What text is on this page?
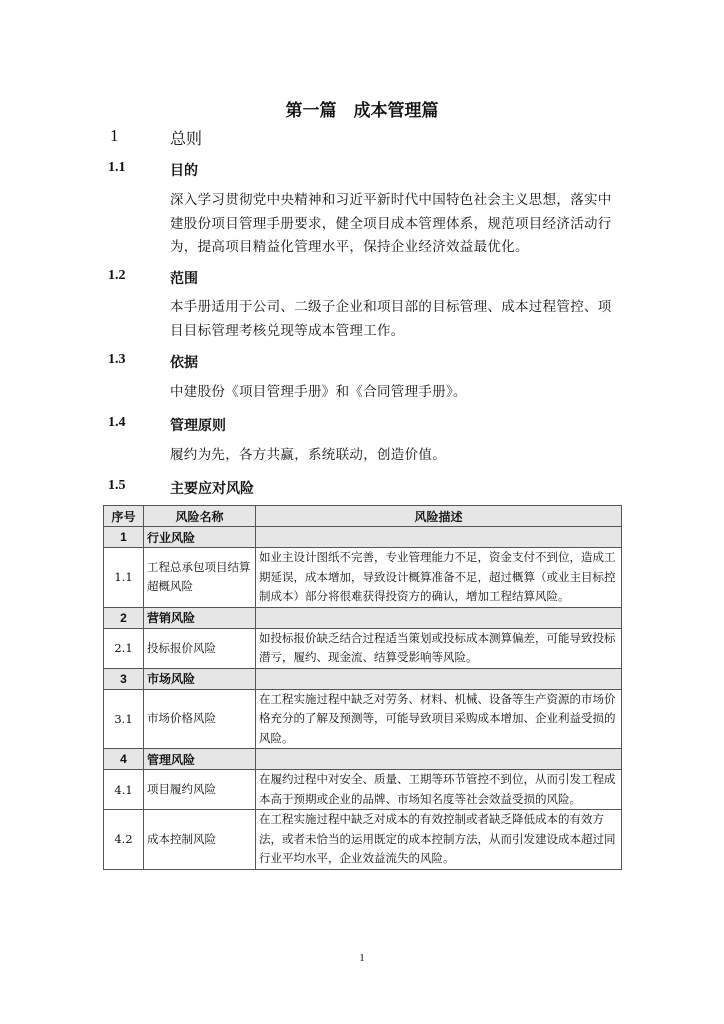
第一篇　成本管理篇
1	总则
1.1	目的
深入学习贯彻党中央精神和习近平新时代中国特色社会主义思想，落实中建股份项目管理手册要求，健全项目成本管理体系，规范项目经济活动行为，提高项目精益化管理水平，保持企业经济效益最优化。
1.2	范围
本手册适用于公司、二级子企业和项目部的目标管理、成本过程管控、项目目标管理考核兑现等成本管理工作。
1.3	依据
中建股份《项目管理手册》和《合同管理手册》。
1.4	管理原则
履约为先，各方共赢，系统联动，创造价值。
1.5	主要应对风险
序号	风险名称	风险描述
1	行业风险	
1.1	工程总承包项目结算超概风险	如业主设计图纸不完善，专业管理能力不足，资金支付不到位，造成工期延误，成本增加，导致设计概算准备不足，超过概算（或业主目标控制成本）部分将很难获得投资方的确认，增加工程结算风险。
2	营销风险	
2.1	投标报价风险	如投标报价缺乏结合过程适当策划或投标成本测算偏差，可能导致投标潜亏，履约、现金流、结算受影响等风险。
3	市场风险	
3.1	市场价格风险	在工程实施过程中缺乏对劳务、材料、机械、设备等生产资源的市场价格充分的了解及预测等，可能导致项目采购成本增加、企业利益受损的风险。
4	管理风险	
4.1	项目履约风险	在履约过程中对安全、质量、工期等环节管控不到位，从而引发工程成本高于预期或企业的品牌、市场知名度等社会效益受损的风险。
4.2	成本控制风险	在工程实施过程中缺乏对成本的有效控制或者缺乏降低成本的有效方法，或者未恰当的运用既定的成本控制方法，从而引发建设成本超过同行业平均水平，企业效益流失的风险。
1
